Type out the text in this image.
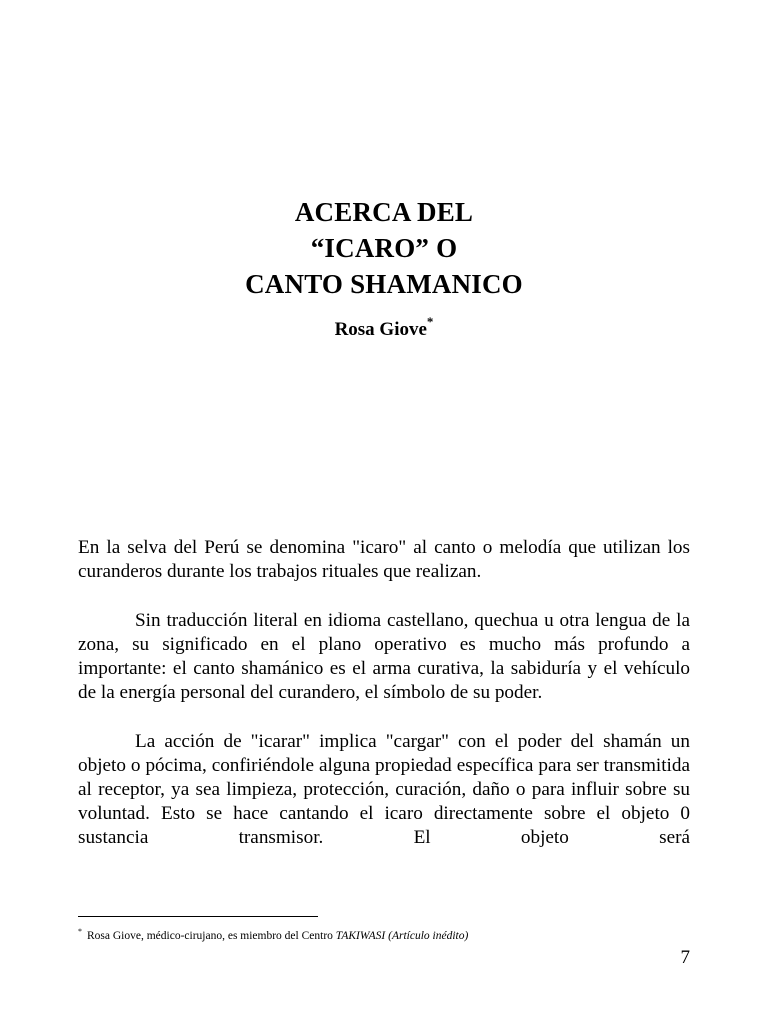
ACERCA DEL
“ICARO” O
CANTO SHAMANICO
Rosa Giove*

En la selva del Perú se denomina "icaro" al canto o melodía que utilizan los curanderos durante los trabajos rituales que realizan.

Sin traducción literal en idioma castellano, quechua u otra lengua de la zona, su significado en el plano operativo es mucho más profundo a importante: el canto shamánico es el arma curativa, la sabiduría y el vehículo de la energía personal del curandero, el símbolo de su poder.

La acción de "icarar" implica "cargar" con el poder del shamán un objeto o pócima, confiriéndole alguna propiedad específica para ser transmitida al receptor, ya sea limpieza, protección, curación, daño o para influir sobre su voluntad. Esto se hace cantando el icaro directamente sobre el objeto 0 sustancia transmisor. El objeto será

* Rosa Giove, médico-cirujano, es miembro del Centro TAKIWASI (Artículo inédito)
7
